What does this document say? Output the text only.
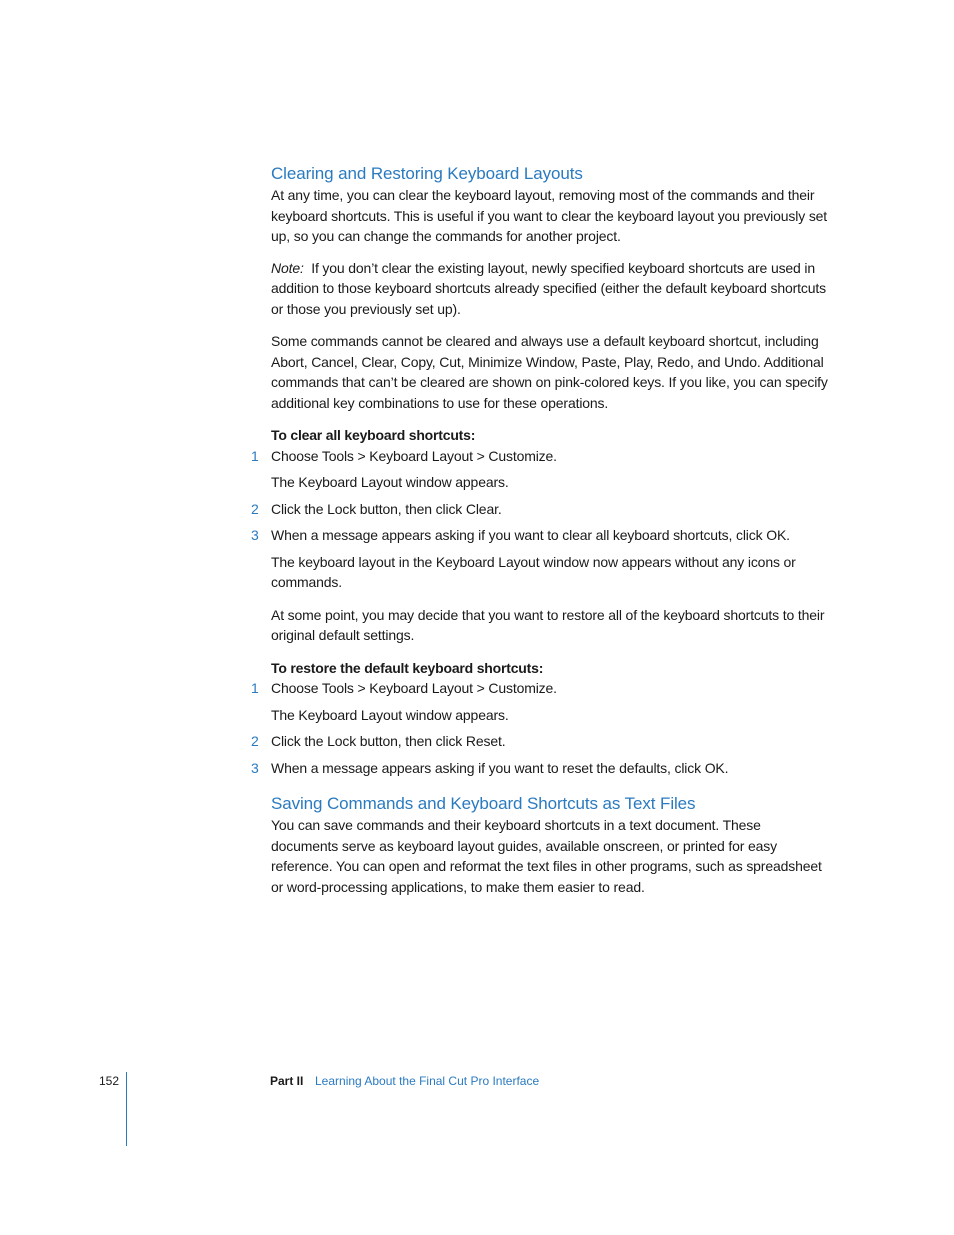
Clearing and Restoring Keyboard Layouts

At any time, you can clear the keyboard layout, removing most of the commands and their keyboard shortcuts. This is useful if you want to clear the keyboard layout you previously set up, so you can change the commands for another project.

Note: If you don’t clear the existing layout, newly specified keyboard shortcuts are used in addition to those keyboard shortcuts already specified (either the default keyboard shortcuts or those you previously set up).

Some commands cannot be cleared and always use a default keyboard shortcut, including Abort, Cancel, Clear, Copy, Cut, Minimize Window, Paste, Play, Redo, and Undo. Additional commands that can’t be cleared are shown on pink-colored keys. If you like, you can specify additional key combinations to use for these operations.

To clear all keyboard shortcuts:

1 Choose Tools > Keyboard Layout > Customize.

The Keyboard Layout window appears.

2 Click the Lock button, then click Clear.

3 When a message appears asking if you want to clear all keyboard shortcuts, click OK.

The keyboard layout in the Keyboard Layout window now appears without any icons or commands.

At some point, you may decide that you want to restore all of the keyboard shortcuts to their original default settings.

To restore the default keyboard shortcuts:

1 Choose Tools > Keyboard Layout > Customize.

The Keyboard Layout window appears.

2 Click the Lock button, then click Reset.

3 When a message appears asking if you want to reset the defaults, click OK.

Saving Commands and Keyboard Shortcuts as Text Files

You can save commands and their keyboard shortcuts in a text document. These documents serve as keyboard layout guides, available onscreen, or printed for easy reference. You can open and reformat the text files in other programs, such as spreadsheet or word-processing applications, to make them easier to read.

152	Part II Learning About the Final Cut Pro Interface
